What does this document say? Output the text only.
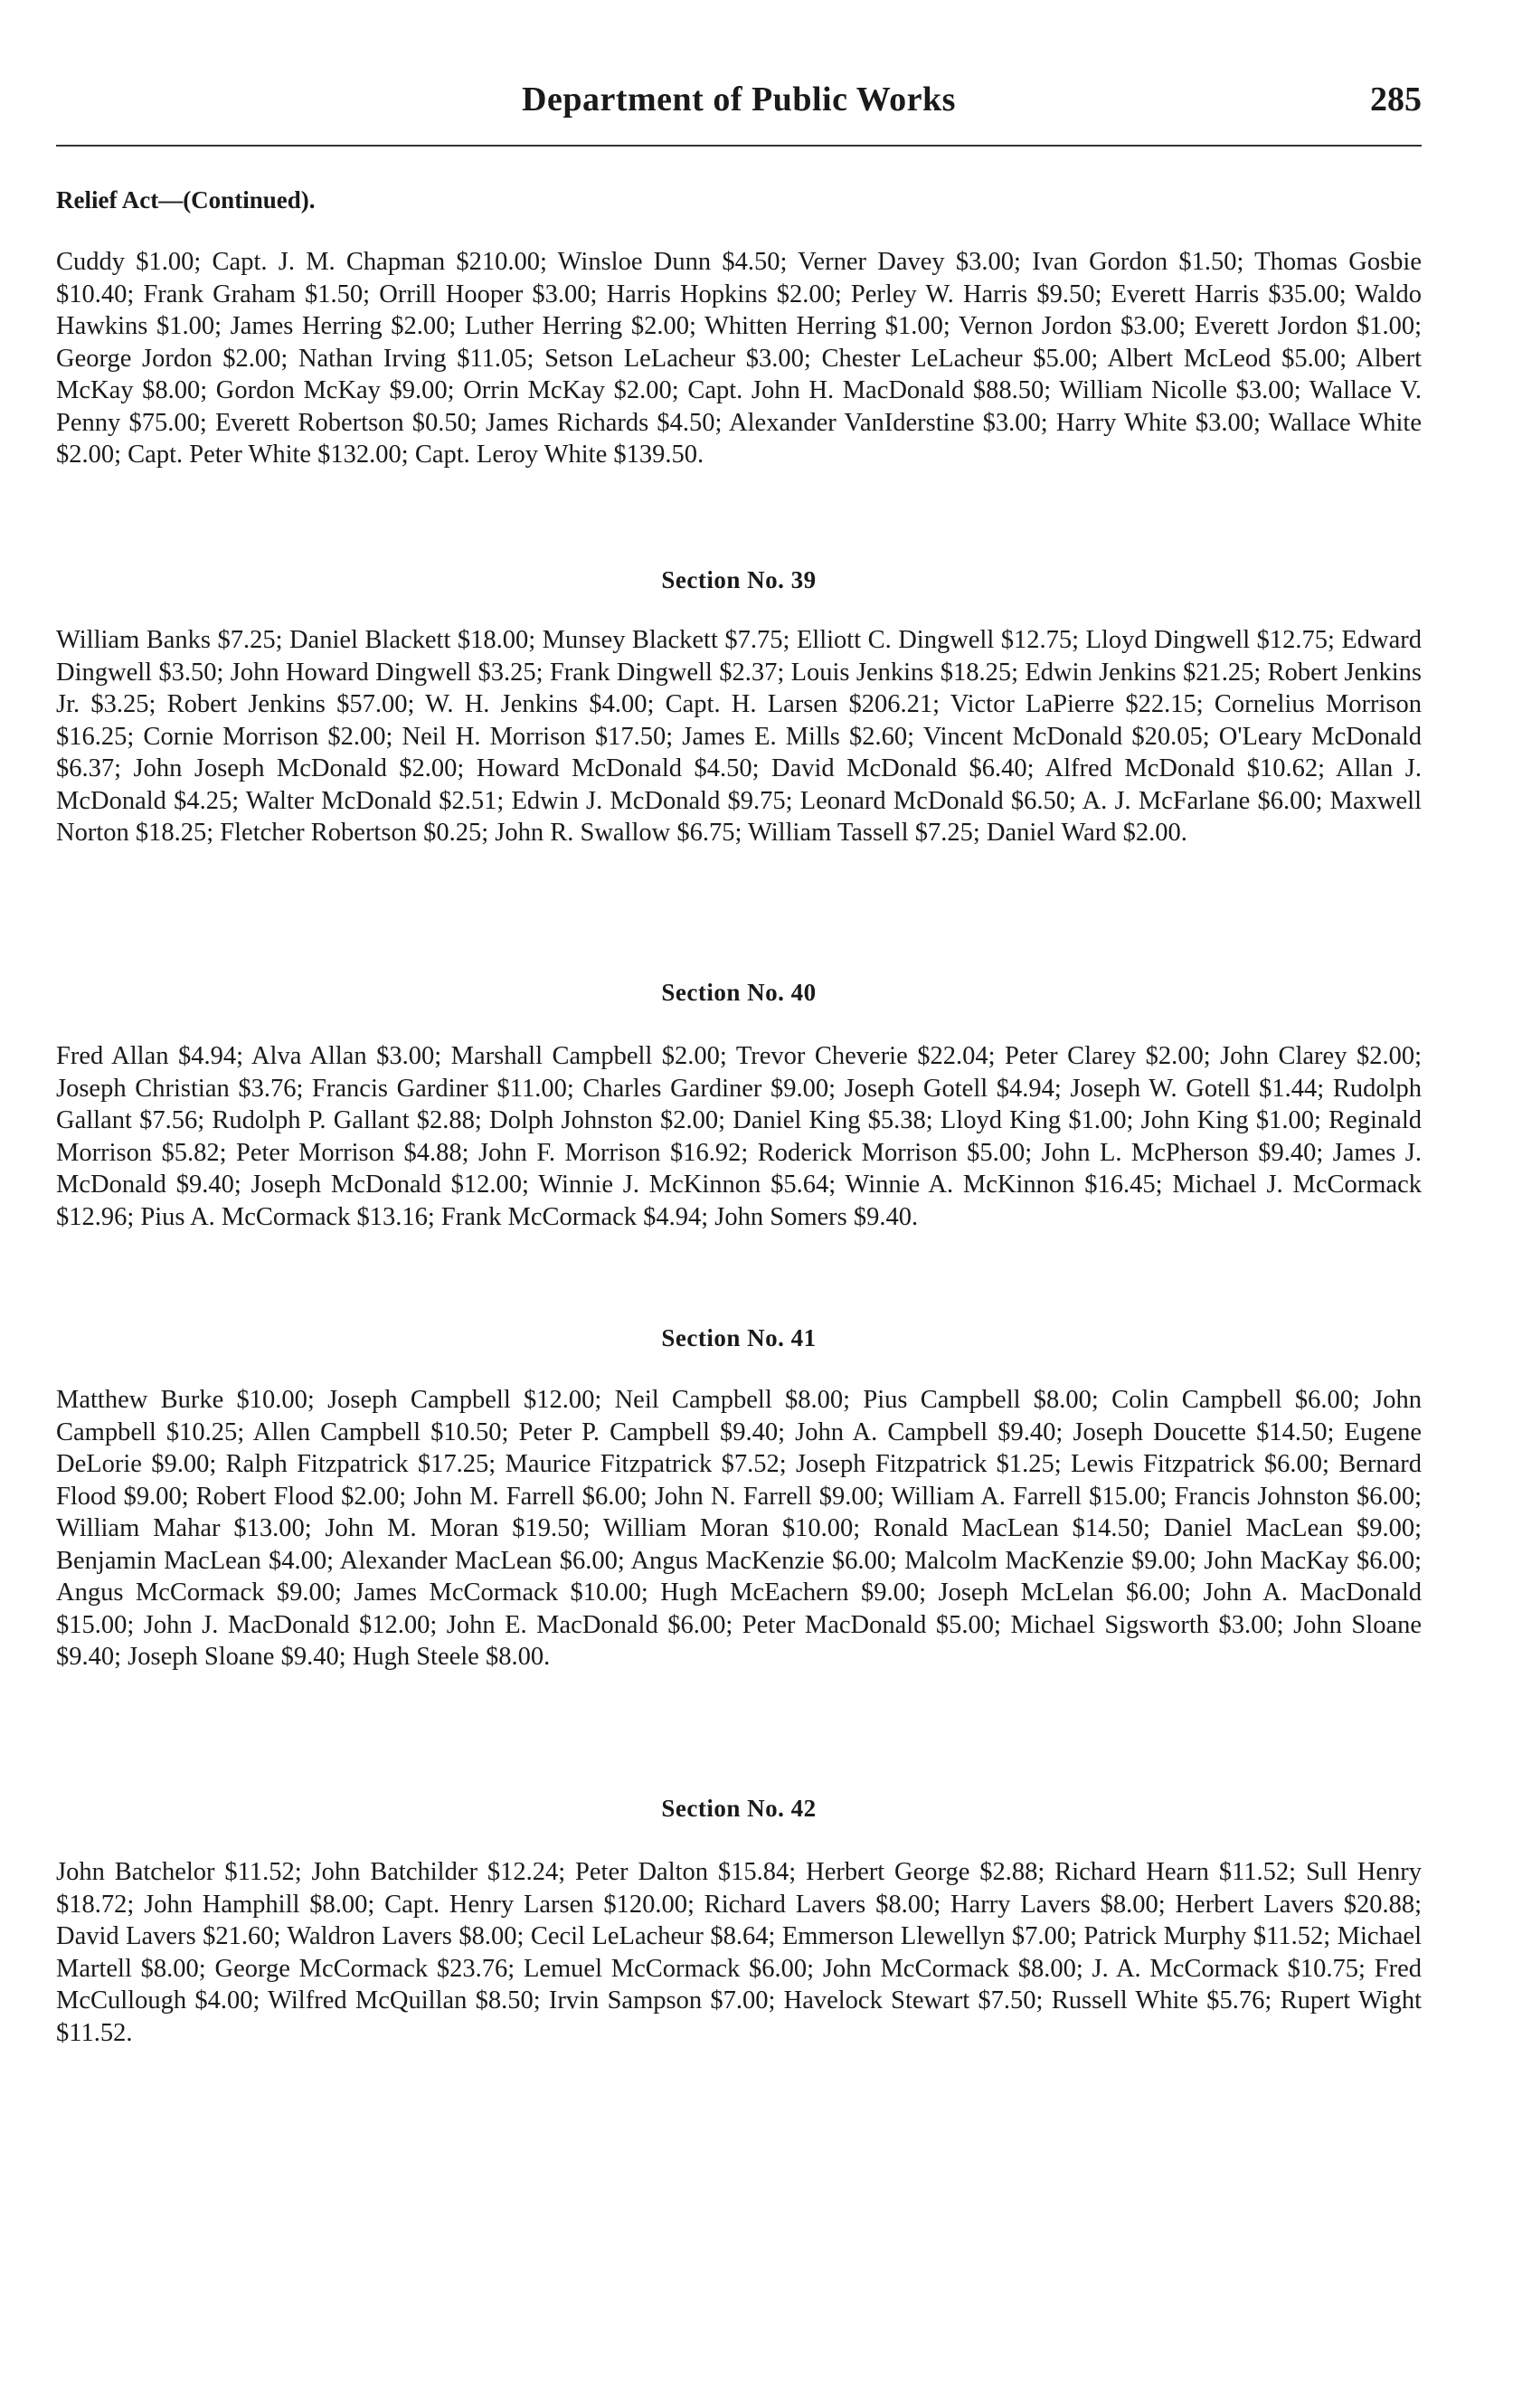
Department of Public Works	285
Relief Act—(Continued).

Cuddy $1.00; Capt. J. M. Chapman $210.00; Winsloe Dunn $4.50; Verner Davey $3.00; Ivan Gordon $1.50; Thomas Gosbie $10.40; Frank Graham $1.50; Orrill Hooper $3.00; Harris Hopkins $2.00; Perley W. Harris $9.50; Everett Harris $35.00; Waldo Hawkins $1.00; James Herring $2.00; Luther Herring $2.00; Whitten Herring $1.00; Vernon Jordon $3.00; Everett Jordon $1.00; George Jordon $2.00; Nathan Irving $11.05; Setson LeLacheur $3.00; Chester LeLacheur $5.00; Albert McLeod $5.00; Albert McKay $8.00; Gordon McKay $9.00; Orrin McKay $2.00; Capt. John H. MacDonald $88.50; William Nicolle $3.00; Wallace V. Penny $75.00; Everett Robertson $0.50; James Richards $4.50; Alexander VanIderstine $3.00; Harry White $3.00; Wallace White $2.00; Capt. Peter White $132.00; Capt. Leroy White $139.50.

Section No. 39

William Banks $7.25; Daniel Blackett $18.00; Munsey Blackett $7.75; Elliott C. Dingwell $12.75; Lloyd Dingwell $12.75; Edward Dingwell $3.50; John Howard Dingwell $3.25; Frank Dingwell $2.37; Louis Jenkins $18.25; Edwin Jenkins $21.25; Robert Jenkins Jr. $3.25; Robert Jenkins $57.00; W. H. Jenkins $4.00; Capt. H. Larsen $206.21; Victor LaPierre $22.15; Cornelius Morrison $16.25; Cornie Morrison $2.00; Neil H. Morrison $17.50; James E. Mills $2.60; Vincent McDonald $20.05; O'Leary McDonald $6.37; John Joseph McDonald $2.00; Howard McDonald $4.50; David McDonald $6.40; Alfred McDonald $10.62; Allan J. McDonald $4.25; Walter McDonald $2.51; Edwin J. McDonald $9.75; Leonard McDonald $6.50; A. J. McFarlane $6.00; Maxwell Norton $18.25; Fletcher Robertson $0.25; John R. Swallow $6.75; William Tassell $7.25; Daniel Ward $2.00.

Section No. 40

Fred Allan $4.94; Alva Allan $3.00; Marshall Campbell $2.00; Trevor Cheverie $22.04; Peter Clarey $2.00; John Clarey $2.00; Joseph Christian $3.76; Francis Gardiner $11.00; Charles Gardiner $9.00; Joseph Gotell $4.94; Joseph W. Gotell $1.44; Rudolph Gallant $7.56; Rudolph P. Gallant $2.88; Dolph Johnston $2.00; Daniel King $5.38; Lloyd King $1.00; John King $1.00; Reginald Morrison $5.82; Peter Morrison $4.88; John F. Morrison $16.92; Roderick Morrison $5.00; John L. McPherson $9.40; James J. McDonald $9.40; Joseph McDonald $12.00; Winnie J. McKinnon $5.64; Winnie A. McKinnon $16.45; Michael J. McCormack $12.96; Pius A. McCormack $13.16; Frank McCormack $4.94; John Somers $9.40.

Section No. 41

Matthew Burke $10.00; Joseph Campbell $12.00; Neil Campbell $8.00; Pius Campbell $8.00; Colin Campbell $6.00; John Campbell $10.25; Allen Campbell $10.50; Peter P. Campbell $9.40; John A. Campbell $9.40; Joseph Doucette $14.50; Eugene DeLorie $9.00; Ralph Fitzpatrick $17.25; Maurice Fitzpatrick $7.52; Joseph Fitzpatrick $1.25; Lewis Fitzpatrick $6.00; Bernard Flood $9.00; Robert Flood $2.00; John M. Farrell $6.00; John N. Farrell $9.00; William A. Farrell $15.00; Francis Johnston $6.00; William Mahar $13.00; John M. Moran $19.50; William Moran $10.00; Ronald MacLean $14.50; Daniel MacLean $9.00; Benjamin MacLean $4.00; Alexander MacLean $6.00; Angus MacKenzie $6.00; Malcolm MacKenzie $9.00; John MacKay $6.00; Angus McCormack $9.00; James McCormack $10.00; Hugh McEachern $9.00; Joseph McLelan $6.00; John A. MacDonald $15.00; John J. MacDonald $12.00; John E. MacDonald $6.00; Peter MacDonald $5.00; Michael Sigsworth $3.00; John Sloane $9.40; Joseph Sloane $9.40; Hugh Steele $8.00.

Section No. 42

John Batchelor $11.52; John Batchilder $12.24; Peter Dalton $15.84; Herbert George $2.88; Richard Hearn $11.52; Sull Henry $18.72; John Hamphill $8.00; Capt. Henry Larsen $120.00; Richard Lavers $8.00; Harry Lavers $8.00; Herbert Lavers $20.88; David Lavers $21.60; Waldron Lavers $8.00; Cecil LeLacheur $8.64; Emmerson Llewellyn $7.00; Patrick Murphy $11.52; Michael Martell $8.00; George McCormack $23.76; Lemuel McCormack $6.00; John McCormack $8.00; J. A. McCormack $10.75; Fred McCullough $4.00; Wilfred McQuillan $8.50; Irvin Sampson $7.00; Havelock Stewart $7.50; Russell White $5.76; Rupert Wight $11.52.
